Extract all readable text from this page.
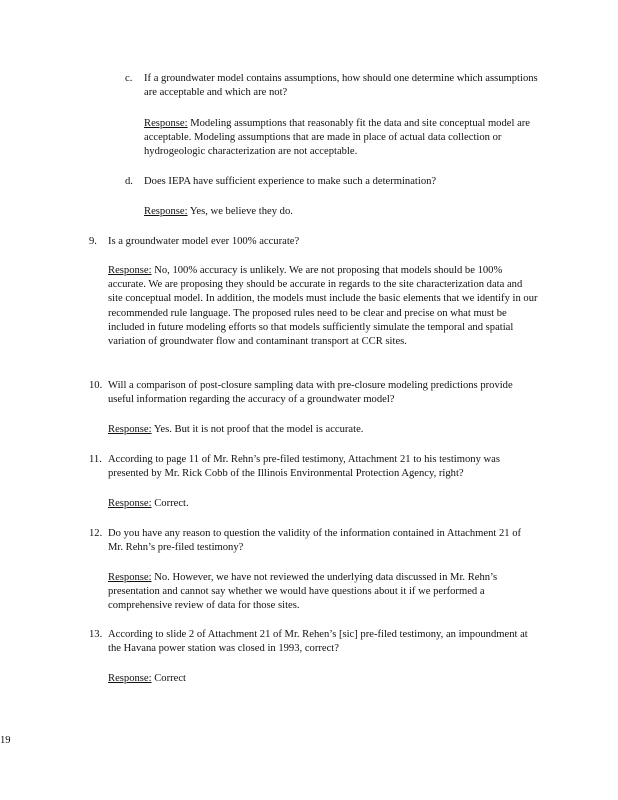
c. If a groundwater model contains assumptions, how should one determine which assumptions are acceptable and which are not?

Response: Modeling assumptions that reasonably fit the data and site conceptual model are acceptable. Modeling assumptions that are made in place of actual data collection or hydrogeologic characterization are not acceptable.

d. Does IEPA have sufficient experience to make such a determination?

Response: Yes, we believe they do.

9. Is a groundwater model ever 100% accurate?

Response: No, 100% accuracy is unlikely. We are not proposing that models should be 100% accurate. We are proposing they should be accurate in regards to the site characterization data and site conceptual model. In addition, the models must include the basic elements that we identify in our recommended rule language. The proposed rules need to be clear and precise on what must be included in future modeling efforts so that models sufficiently simulate the temporal and spatial variation of groundwater flow and contaminant transport at CCR sites.

10. Will a comparison of post-closure sampling data with pre-closure modeling predictions provide useful information regarding the accuracy of a groundwater model?

Response: Yes. But it is not proof that the model is accurate.

11. According to page 11 of Mr. Rehn’s pre-filed testimony, Attachment 21 to his testimony was presented by Mr. Rick Cobb of the Illinois Environmental Protection Agency, right?

Response: Correct.

12. Do you have any reason to question the validity of the information contained in Attachment 21 of Mr. Rehn’s pre-filed testimony?

Response: No. However, we have not reviewed the underlying data discussed in Mr. Rehn’s presentation and cannot say whether we would have questions about it if we performed a comprehensive review of data for those sites.

13. According to slide 2 of Attachment 21 of Mr. Rehen’s [sic] pre-filed testimony, an impoundment at the Havana power station was closed in 1993, correct?

Response: Correct

19
